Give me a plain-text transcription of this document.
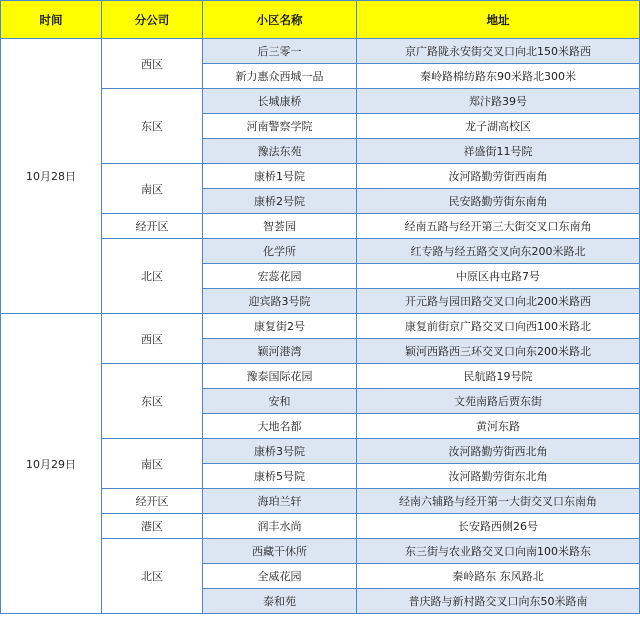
时间	分公司	小区名称	地址
10月28日	西区	后三零一	京广路陇永安街交叉口向北150米路西
		新力惠众西城一品	秦岭路棉纺路东90米路北300米
	东区	长城康桥	郑汴路39号
		河南警察学院	龙子湖高校区
		豫法东苑	祥盛街11号院
	南区	康桥1号院	汝河路勤劳街西南角
		康桥2号院	民安路勤劳街东南角
	经开区	智荟园	经南五路与经开第三大街交叉口东南角
	北区	化学所	红专路与经五路交叉向东200米路北
		宏蕊花园	中原区冉屯路7号
		迎宾路3号院	开元路与园田路交叉口向北200米路西
10月29日	西区	康复街2号	康复前街京广路交叉口向西100米路北
		颖河港湾	颖河西路西三环交叉口向东200米路北
	东区	豫泰国际花园	民航路19号院
		安和	文苑南路后贾东街
		大地名都	黄河东路
	南区	康桥3号院	汝河路勤劳街西北角
		康桥5号院	汝河路勤劳街东北角
	经开区	海珀兰轩	经南六辅路与经开第一大街交叉口东南角
	港区	润丰水尚	长安路西侧26号
	北区	西藏干休所	东三街与农业路交叉口向南100米路东
		全威花园	秦岭路东 东风路北
		泰和苑	普庆路与新村路交叉口向东50米路南
